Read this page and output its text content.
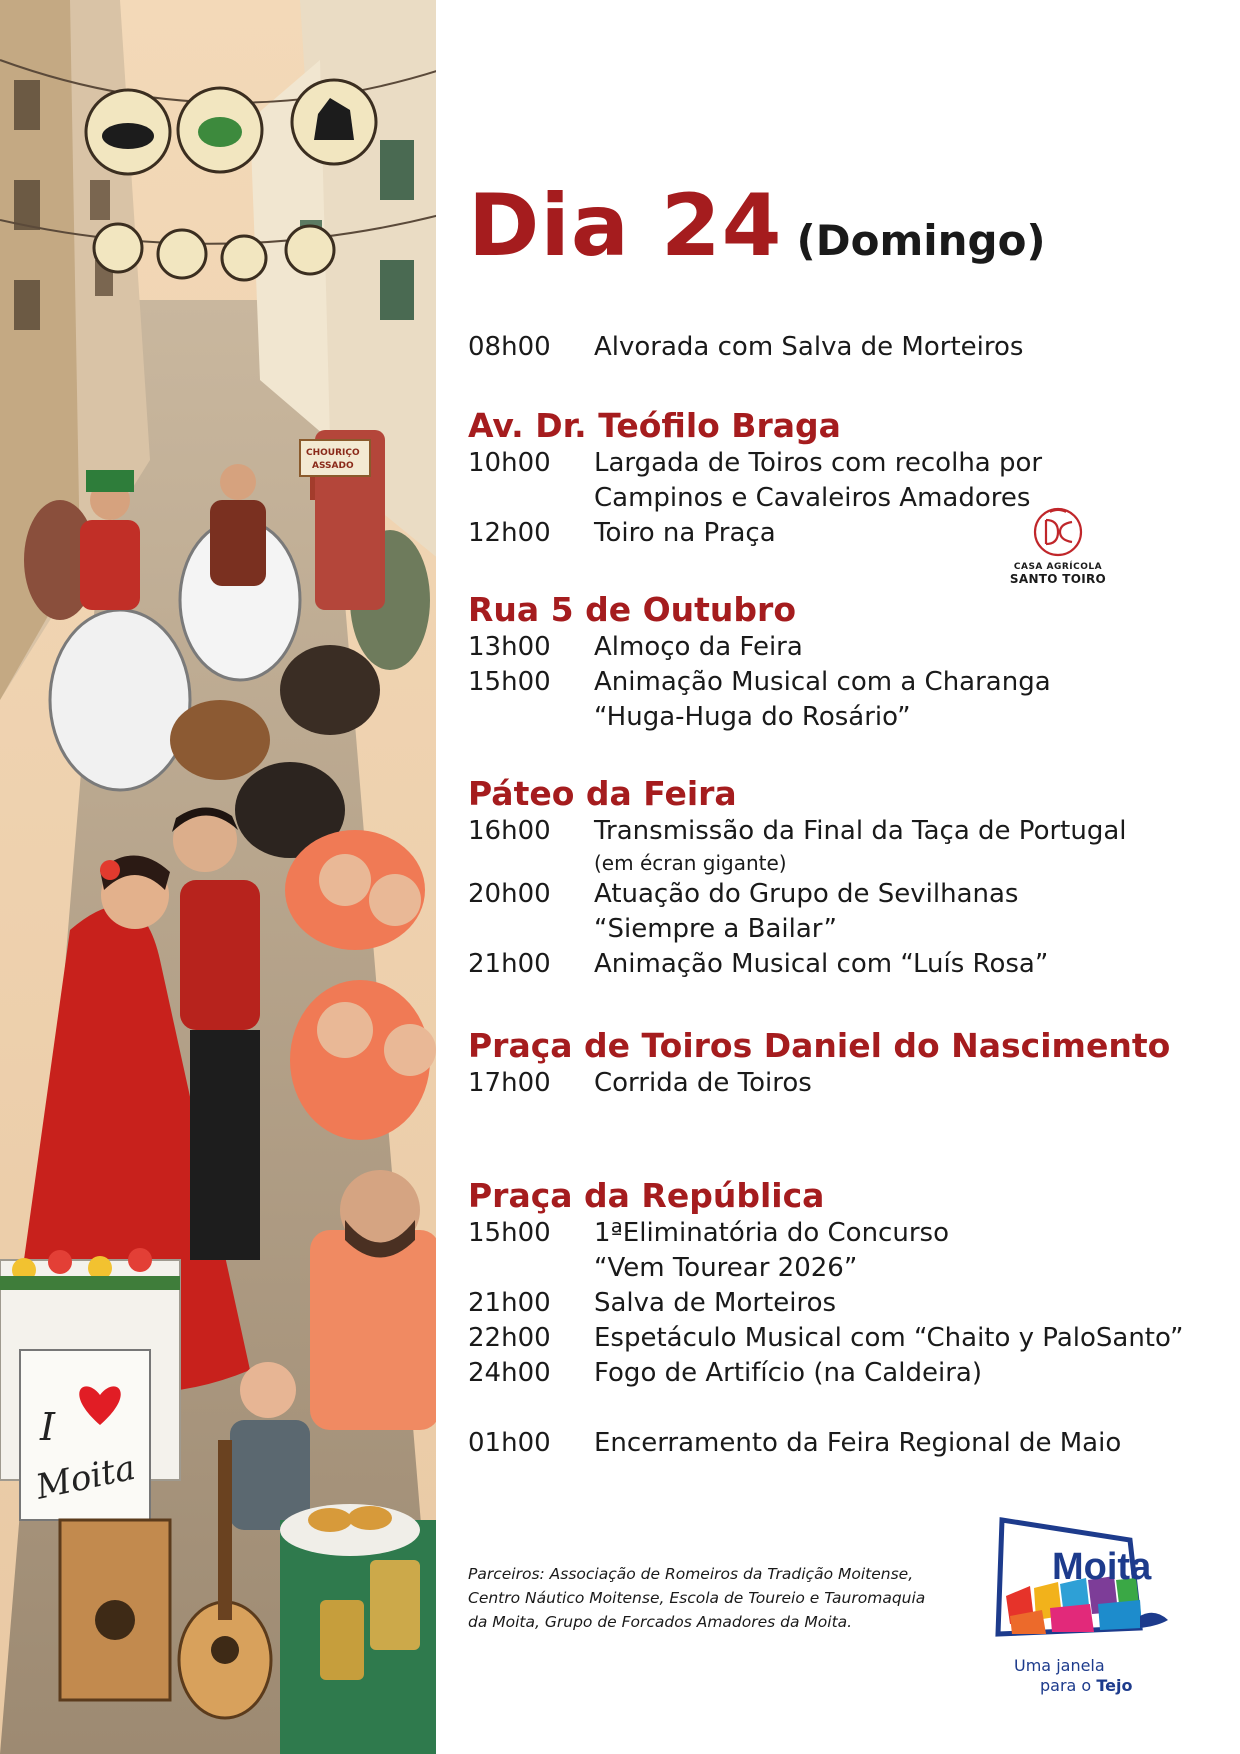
I
Moita
CHOURIÇO
ASSADO
Dia 24 (Domingo)
08h00	Alvorada com Salva de Morteiros
Av. Dr. Teófilo Braga
10h00	Largada de Toiros com recolha por
Campinos e Cavaleiros Amadores
12h00	Toiro na Praça
Rua 5 de Outubro
13h00	Almoço da Feira
15h00	Animação Musical com a Charanga
“Huga-Huga do Rosário”
Páteo da Feira
16h00	Transmissão da Final da Taça de Portugal
(em écran gigante)
20h00	Atuação do Grupo de Sevilhanas
“Siempre a Bailar”
21h00	Animação Musical com “Luís Rosa”
Praça de Toiros Daniel do Nascimento
17h00	Corrida de Toiros
Praça da República
15h00	1ªEliminatória do Concurso
“Vem Tourear 2026”
21h00	Salva de Morteiros
22h00	Espetáculo Musical com “Chaito y PaloSanto”
24h00	Fogo de Artifício (na Caldeira)
01h00	Encerramento da Feira Regional de Maio
CASA AGRÍCOLA
SANTO TOIRO
Parceiros: Associação de Romeiros da Tradição Moitense,
Centro Náutico Moitense, Escola de Toureio e Tauromaquia
da Moita, Grupo de Forcados Amadores da Moita.
Moita
Uma janela
para o Tejo
